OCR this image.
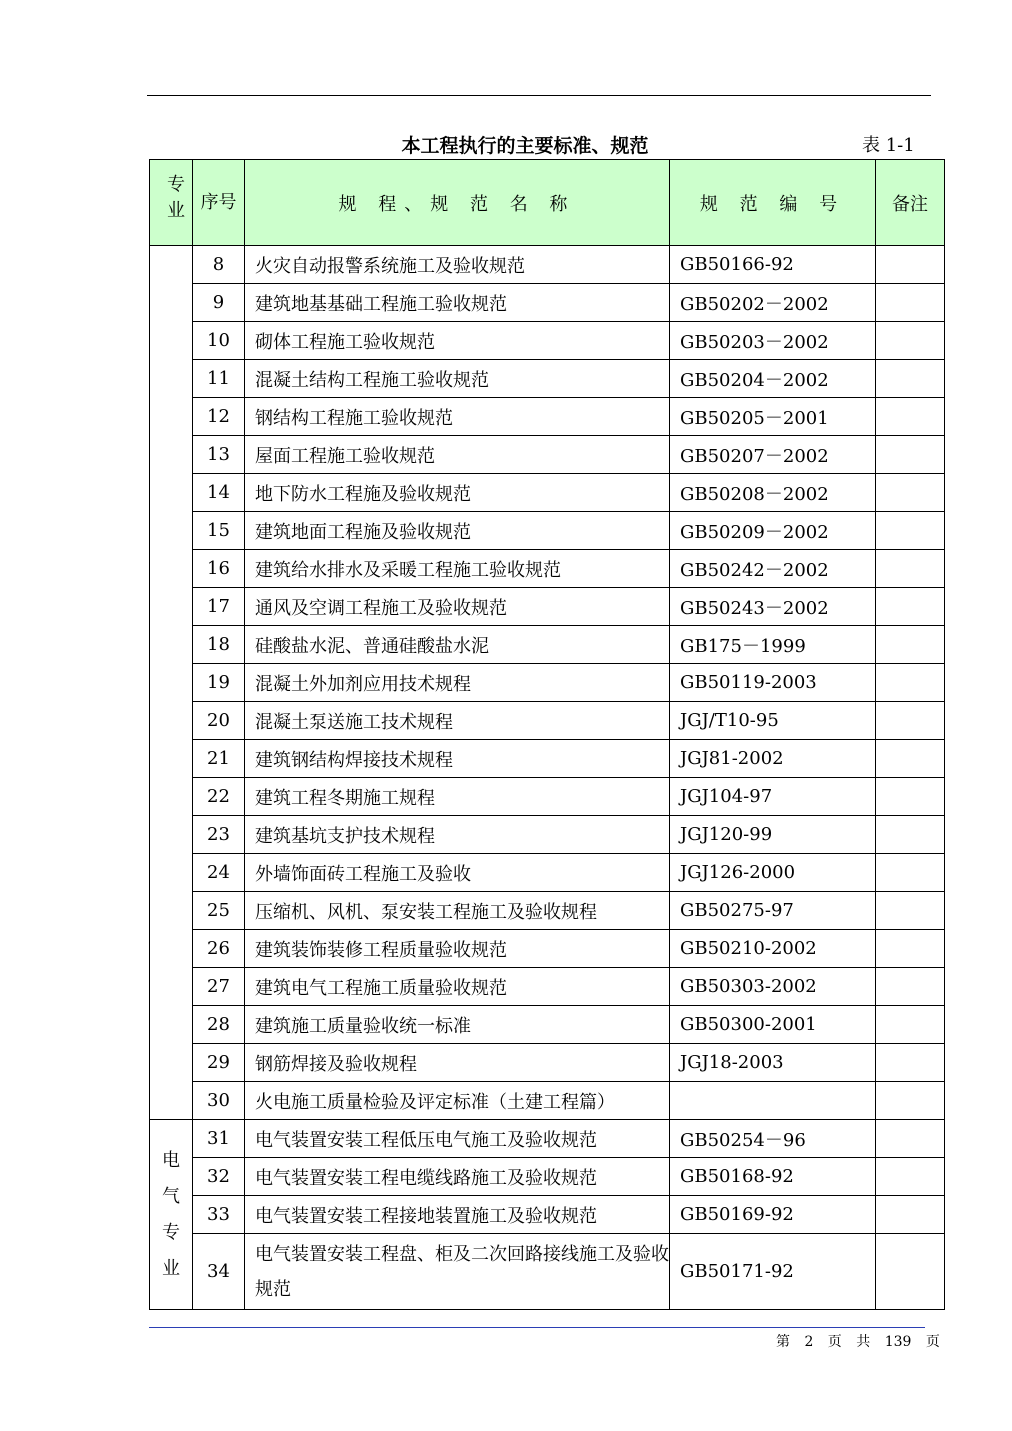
本工程执行的主要标准、规范	表 1-1
专业	序号	规 程、规 范 名 称	规 范 编 号	备注
	8	火灾自动报警系统施工及验收规范	GB50166-92	
	9	建筑地基基础工程施工验收规范	GB50202－2002	
	10	砌体工程施工验收规范	GB50203－2002	
	11	混凝土结构工程施工验收规范	GB50204－2002	
	12	钢结构工程施工验收规范	GB50205－2001	
	13	屋面工程施工验收规范	GB50207－2002	
	14	地下防水工程施及验收规范	GB50208－2002	
	15	建筑地面工程施及验收规范	GB50209－2002	
	16	建筑给水排水及采暖工程施工验收规范	GB50242－2002	
	17	通风及空调工程施工及验收规范	GB50243－2002	
	18	硅酸盐水泥、普通硅酸盐水泥	GB175－1999	
	19	混凝土外加剂应用技术规程	GB50119-2003	
	20	混凝土泵送施工技术规程	JGJ/T10-95	
	21	建筑钢结构焊接技术规程	JGJ81-2002	
	22	建筑工程冬期施工规程	JGJ104-97	
	23	建筑基坑支护技术规程	JGJ120-99	
	24	外墙饰面砖工程施工及验收	JGJ126-2000	
	25	压缩机、风机、泵安装工程施工及验收规程	GB50275-97	
	26	建筑装饰装修工程质量验收规范	GB50210-2002	
	27	建筑电气工程施工质量验收规范	GB50303-2002	
	28	建筑施工质量验收统一标准	GB50300-2001	
	29	钢筋焊接及验收规程	JGJ18-2003	
	30	火电施工质量检验及评定标准（土建工程篇）		
电气专业	31	电气装置安装工程低压电气施工及验收规范	GB50254－96	
	32	电气装置安装工程电缆线路施工及验收规范	GB50168-92	
	33	电气装置安装工程接地装置施工及验收规范	GB50169-92	
	34	电气装置安装工程盘、柜及二次回路接线施工及验收规范	GB50171-92	
第 2 页 共 139 页
